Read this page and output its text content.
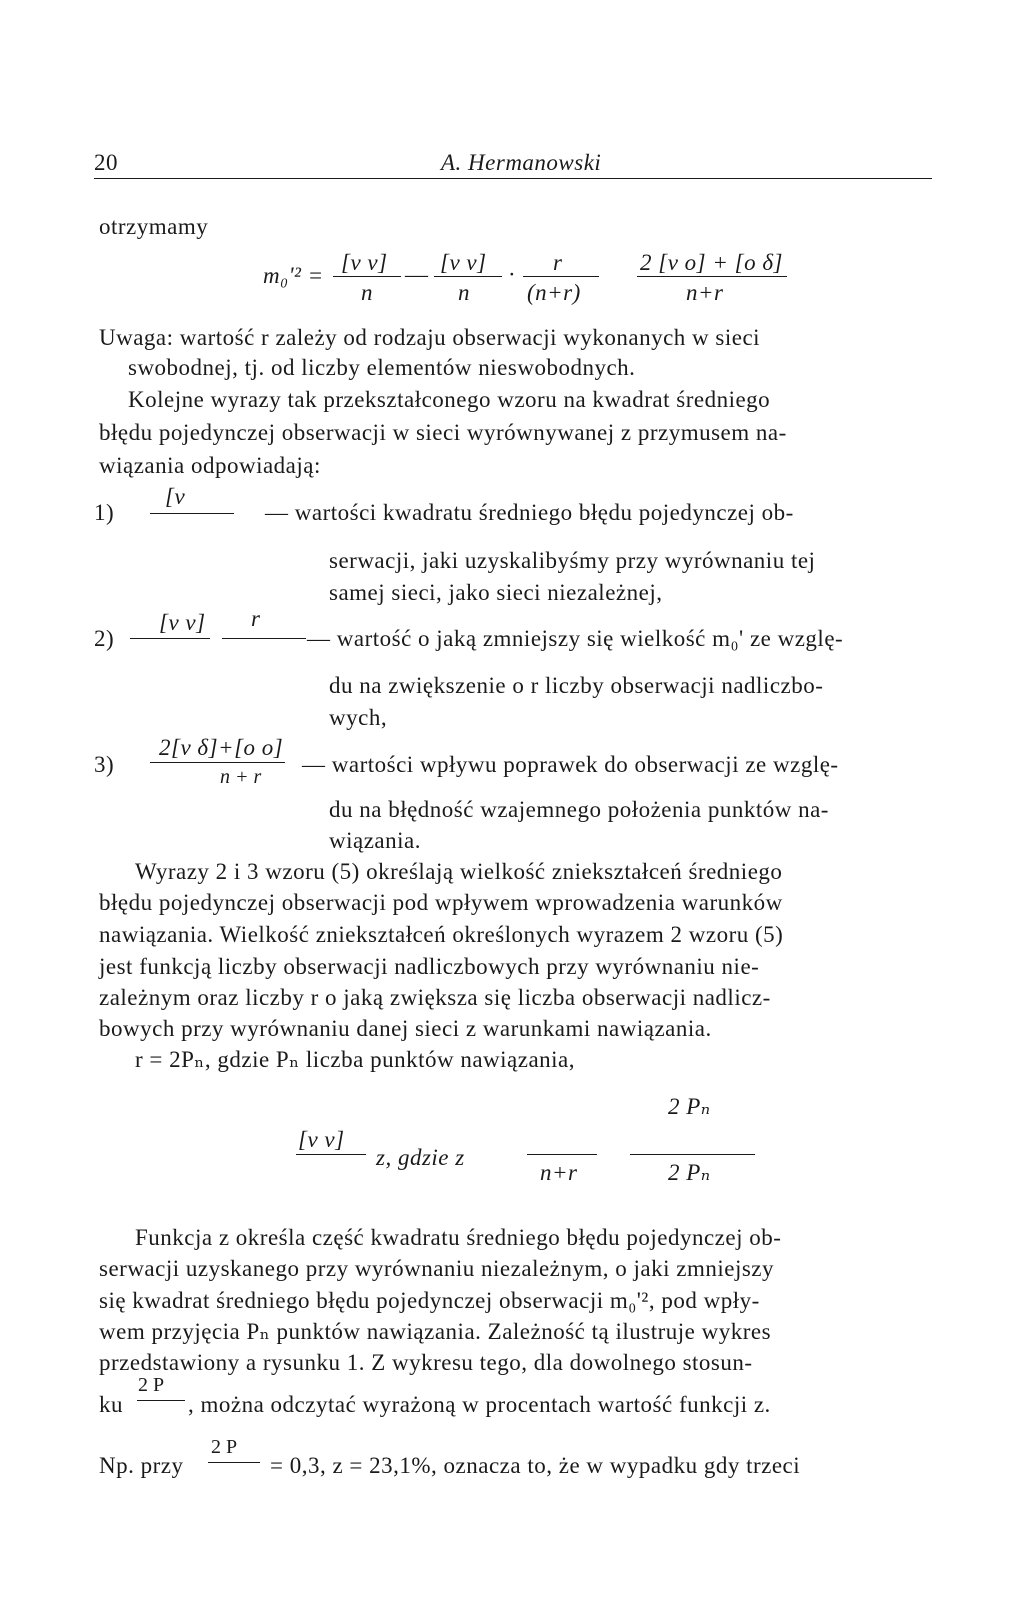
20	A. Hermanowski
otrzymamy
m₀'² =
[v v]
n
— [v v]
n
· r
(n+r)
2 [v o] + [o δ]
n+r
Uwaga: wartość r zależy od rodzaju obserwacji wykonanych w sieci
swobodnej, tj. od liczby elementów nieswobodnych.
Kolejne wyrazy tak przekształconego wzoru na kwadrat średniego
błędu pojedynczej obserwacji w sieci wyrównywanej z przymusem na-
wiązania odpowiadają:
1)
[v
— wartości kwadratu średniego błędu pojedynczej ob-
serwacji, jaki uzyskalibyśmy przy wyrównaniu tej
samej sieci, jako sieci niezależnej,
2)
[v v] r
— wartość o jaką zmniejszy się wielkość m₀' ze wzglę-
du na zwiększenie o r liczby obserwacji nadliczbo-
wych,
3)
2[v δ]+[o o]
n + r — wartości wpływu poprawek do obserwacji ze wzglę-
du na błędność wzajemnego położenia punktów na-
wiązania.
Wyrazy 2 i 3 wzoru (5) określają wielkość zniekształceń średniego
błędu pojedynczej obserwacji pod wpływem wprowadzenia warunków
nawiązania. Wielkość zniekształceń określonych wyrazem 2 wzoru (5)
jest funkcją liczby obserwacji nadliczbowych przy wyrównaniu nie-
zależnym oraz liczby r o jaką zwiększa się liczba obserwacji nadlicz-
bowych przy wyrównaniu danej sieci z warunkami nawiązania.
r = 2Pₙ, gdzie Pₙ liczba punktów nawiązania,
2 Pₙ
[v v]
z, gdzie z
n+r	2 Pₙ
Funkcja z określa część kwadratu średniego błędu pojedynczej ob-
serwacji uzyskanego przy wyrównaniu niezależnym, o jaki zmniejszy
się kwadrat średniego błędu pojedynczej obserwacji m₀'², pod wpły-
wem przyjęcia Pₙ punktów nawiązania. Zależność tą ilustruje wykres
przedstawiony a rysunku 1. Z wykresu tego, dla dowolnego stosun-
2 P
ku	, można odczytać wyrażoną w procentach wartość funkcji z.
2 P
Np. przy	= 0,3, z = 23,1%, oznacza to, że w wypadku gdy trzeci
